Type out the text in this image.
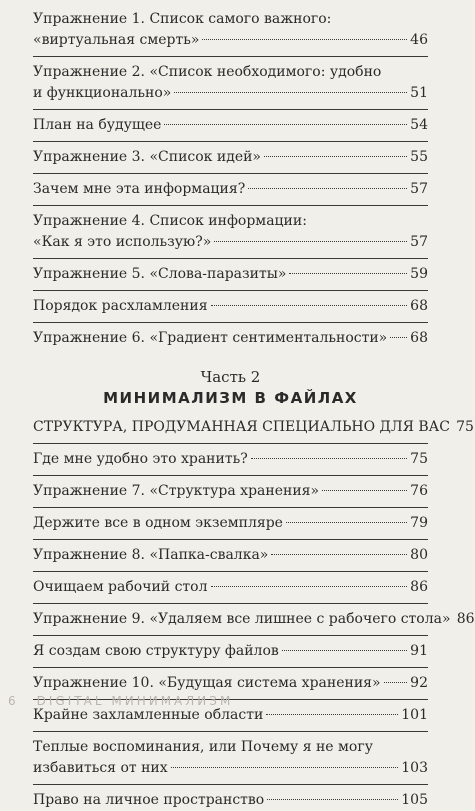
Упражнение 1. Список самого важного:
«виртуальная смерть»	46
Упражнение 2. «Список необходимого: удобно
и функционально»	51
План на будущее	54
Упражнение 3. «Список идей»	55
Зачем мне эта информация?	57
Упражнение 4. Список информации:
«Как я это использую?»	57
Упражнение 5. «Слова-паразиты»	59
Порядок расхламления	68
Упражнение 6. «Градиент сентиментальности» 68
Часть 2
МИНИМАЛИЗМ В ФАЙЛАХ
СТРУКТУРА, ПРОДУМАННАЯ СПЕЦИАЛЬНО ДЛЯ ВАС 75
Где мне удобно это хранить?	75
Упражнение 7. «Структура хранения»	76
Держите все в одном экземпляре	79
Упражнение 8. «Папка-свалка»	80
Очищаем рабочий стол	86
Упражнение 9. «Удаляем все лишнее с рабочего стола» 86
Я создам свою структуру файлов	91
Упражнение 10. «Будущая система хранения» 92
Крайне захламленные области	101
Теплые воспоминания, или Почему я не могу
избавиться от них	103
Право на личное пространство	105
6 DIGITAL МИНИМАЛИЗМ
